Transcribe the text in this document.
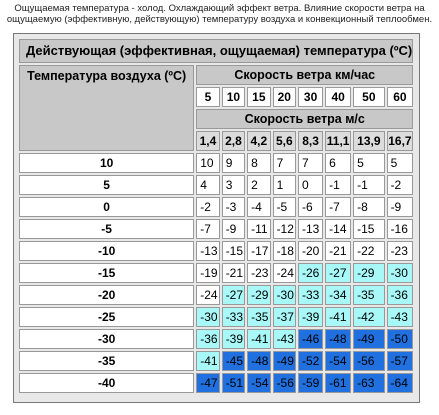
Ощущаемая температура - холод. Охлаждающий эффект ветра. Влияние скорости ветра на
ощущаемую (эффективную, действующую) температуру воздуха и конвекционный теплообмен.
Действующая (эффективная, ощущаемая) температура (ºC)								
Температура воздуха (ºC)	Скорость ветра км/час							
	5	10	15	20	30	40	50	60
	Скорость ветра м/с							
	1,4	2,8	4,2	5,6	8,3	11,1	13,9	16,7
10	10	9	8	7	7	6	5	5
5	4	3	2	1	0	-1	-1	-2
0	-2	-3	-4	-5	-6	-7	-8	-9
-5	-7	-9	-11	-12	-13	-14	-15	-16
-10	-13	-15	-17	-18	-20	-21	-22	-23
-15	-19	-21	-23	-24	-26	-27	-29	-30
-20	-24	-27	-29	-30	-33	-34	-35	-36
-25	-30	-33	-35	-37	-39	-41	-42	-43
-30	-36	-39	-41	-43	-46	-48	-49	-50
-35	-41	-45	-48	-49	-52	-54	-56	-57
-40	-47	-51	-54	-56	-59	-61	-63	-64
